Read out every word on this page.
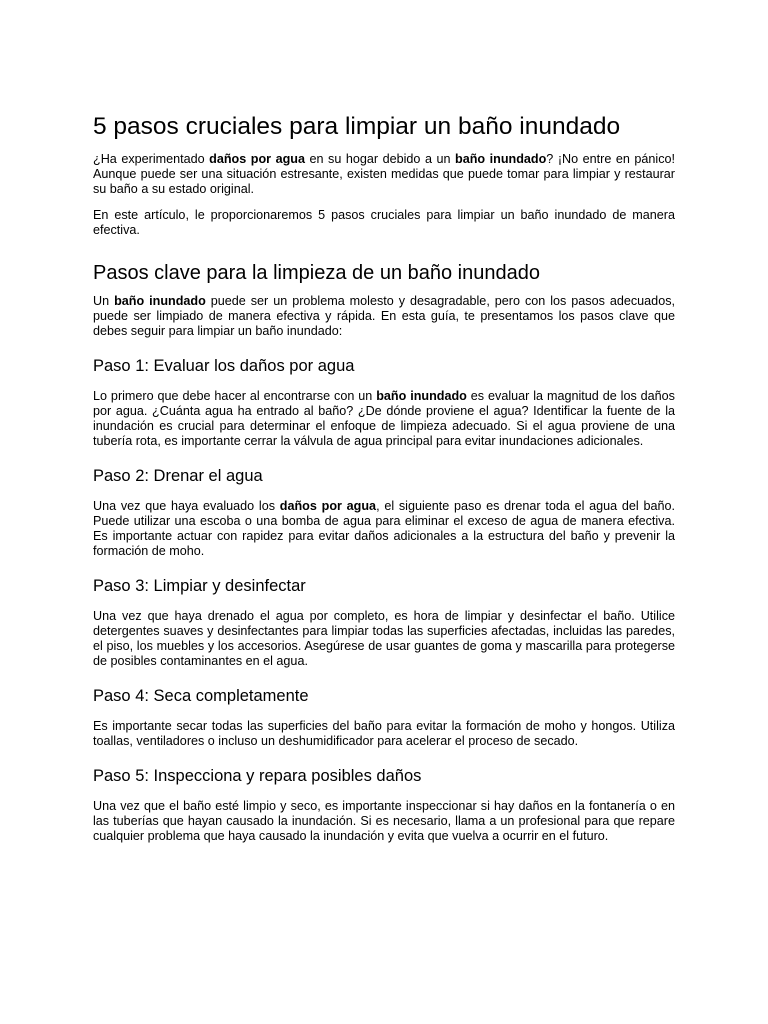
5 pasos cruciales para limpiar un baño inundado

¿Ha experimentado daños por agua en su hogar debido a un baño inundado? ¡No entre en pánico! Aunque puede ser una situación estresante, existen medidas que puede tomar para limpiar y restaurar su baño a su estado original.

En este artículo, le proporcionaremos 5 pasos cruciales para limpiar un baño inundado de manera efectiva.

Pasos clave para la limpieza de un baño inundado

Un baño inundado puede ser un problema molesto y desagradable, pero con los pasos adecuados, puede ser limpiado de manera efectiva y rápida. En esta guía, te presentamos los pasos clave que debes seguir para limpiar un baño inundado:

Paso 1: Evaluar los daños por agua

Lo primero que debe hacer al encontrarse con un baño inundado es evaluar la magnitud de los daños por agua. ¿Cuánta agua ha entrado al baño? ¿De dónde proviene el agua? Identificar la fuente de la inundación es crucial para determinar el enfoque de limpieza adecuado. Si el agua proviene de una tubería rota, es importante cerrar la válvula de agua principal para evitar inundaciones adicionales.

Paso 2: Drenar el agua

Una vez que haya evaluado los daños por agua, el siguiente paso es drenar toda el agua del baño. Puede utilizar una escoba o una bomba de agua para eliminar el exceso de agua de manera efectiva. Es importante actuar con rapidez para evitar daños adicionales a la estructura del baño y prevenir la formación de moho.

Paso 3: Limpiar y desinfectar

Una vez que haya drenado el agua por completo, es hora de limpiar y desinfectar el baño. Utilice detergentes suaves y desinfectantes para limpiar todas las superficies afectadas, incluidas las paredes, el piso, los muebles y los accesorios. Asegúrese de usar guantes de goma y mascarilla para protegerse de posibles contaminantes en el agua.

Paso 4: Seca completamente

Es importante secar todas las superficies del baño para evitar la formación de moho y hongos. Utiliza toallas, ventiladores o incluso un deshumidificador para acelerar el proceso de secado.

Paso 5: Inspecciona y repara posibles daños

Una vez que el baño esté limpio y seco, es importante inspeccionar si hay daños en la fontanería o en las tuberías que hayan causado la inundación. Si es necesario, llama a un profesional para que repare cualquier problema que haya causado la inundación y evita que vuelva a ocurrir en el futuro.
